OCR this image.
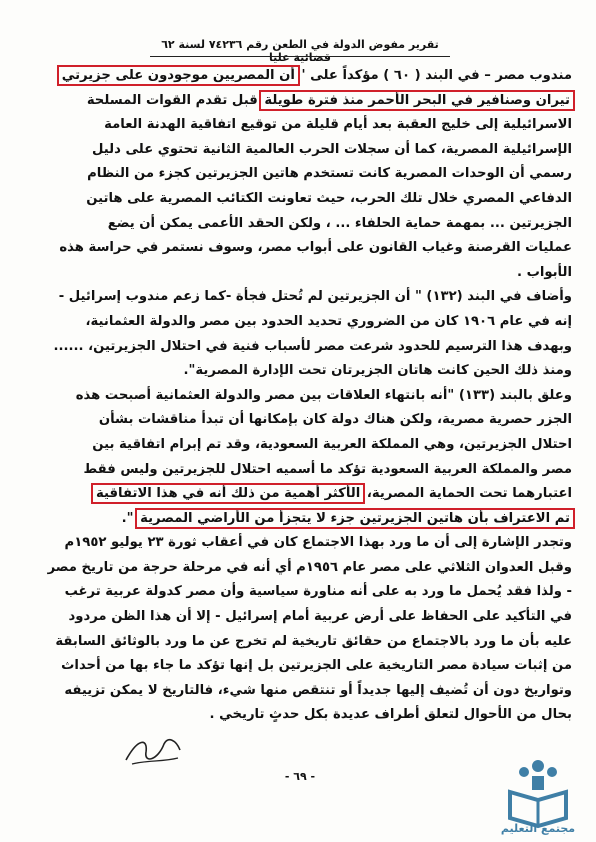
تقرير مفوض الدولة في الطعن رقم ٧٤٢٣٦ لسنة ٦٢ قضائية عليا
مندوب مصر – في البند ( ٦٠ ) مؤكداً على ' أن المصريين موجودون على جزيرتي
تيران وصنافير في البحر الأحمر منذ فترة طويلة قبل تقدم القوات المسلحة
الاسرائيلية إلى خليج العقبة بعد أيام قليلة من توقيع اتفاقية الهدنة العامة
الإسرائيلية المصرية، كما أن سجلات الحرب العالمية الثانية تحتوي على دليل
رسمي أن الوحدات المصرية كانت تستخدم هاتين الجزيرتين كجزء من النظام
الدفاعي المصري خلال تلك الحرب، حيث تعاونت الكتائب المصرية على هاتين
الجزيرتين ... بمهمة حماية الحلفاء ... ، ولكن الحقد الأعمى يمكن أن يضع
عمليات القرصنة وغياب القانون على أبواب مصر، وسوف نستمر في حراسة هذه
الأبواب .
وأضاف في البند (١٣٢) " أن الجزيرتين لم تُحتل فجأة -كما زعم مندوب إسرائيل -
إنه في عام ١٩٠٦ كان من الضروري تحديد الحدود بين مصر والدولة العثمانية،
وبهدف هذا الترسيم للحدود شرعت مصر لأسباب فنية في احتلال الجزيرتين، ......
ومنذ ذلك الحين كانت هاتان الجزيرتان تحت الإدارة المصرية".
وعلق بالبند (١٣٣) "أنه بانتهاء العلاقات بين مصر والدولة العثمانية أصبحت هذه
الجزر حصرية مصرية، ولكن هناك دولة كان بإمكانها أن تبدأ مناقشات بشأن
احتلال الجزيرتين، وهي المملكة العربية السعودية، وقد تم إبرام اتفاقية بين
مصر والمملكة العربية السعودية تؤكد ما أسميه احتلال للجزيرتين وليس فقط
اعتبارهما تحت الحماية المصرية، الأكثر أهمية من ذلك أنه في هذا الاتفاقية
تم الاعتراف بأن هاتين الجزيرتين جزء لا يتجزأ من الأراضي المصرية ".
وتجدر الإشارة إلى أن ما ورد بهذا الاجتماع كان في أعقاب ثورة ٢٣ يوليو ١٩٥٢م
وقبل العدوان الثلاثي على مصر عام ١٩٥٦م أي أنه في مرحلة حرجة من تاريخ مصر
- ولذا فقد يُحمل ما ورد به على أنه مناورة سياسية وأن مصر كدولة عربية ترغب
في التأكيد على الحفاظ على أرض عربية أمام إسرائيل - إلا أن هذا الظن مردود
عليه بأن ما ورد بالاجتماع من حقائق تاريخية لم تخرج عن ما ورد بالوثائق السابقة
من إثبات سيادة مصر التاريخية على الجزيرتين بل إنها تؤكد ما جاء بها من أحداث
وتواريخ دون أن تُضيف إليها جديداً أو تنتقص منها شيء، فالتاريخ لا يمكن تزييفه
بحال من الأحوال لتعلق أطراف عديدة بكل حدثٍ تاريخي .
- ٦٩ -
مجتمع التعليم
